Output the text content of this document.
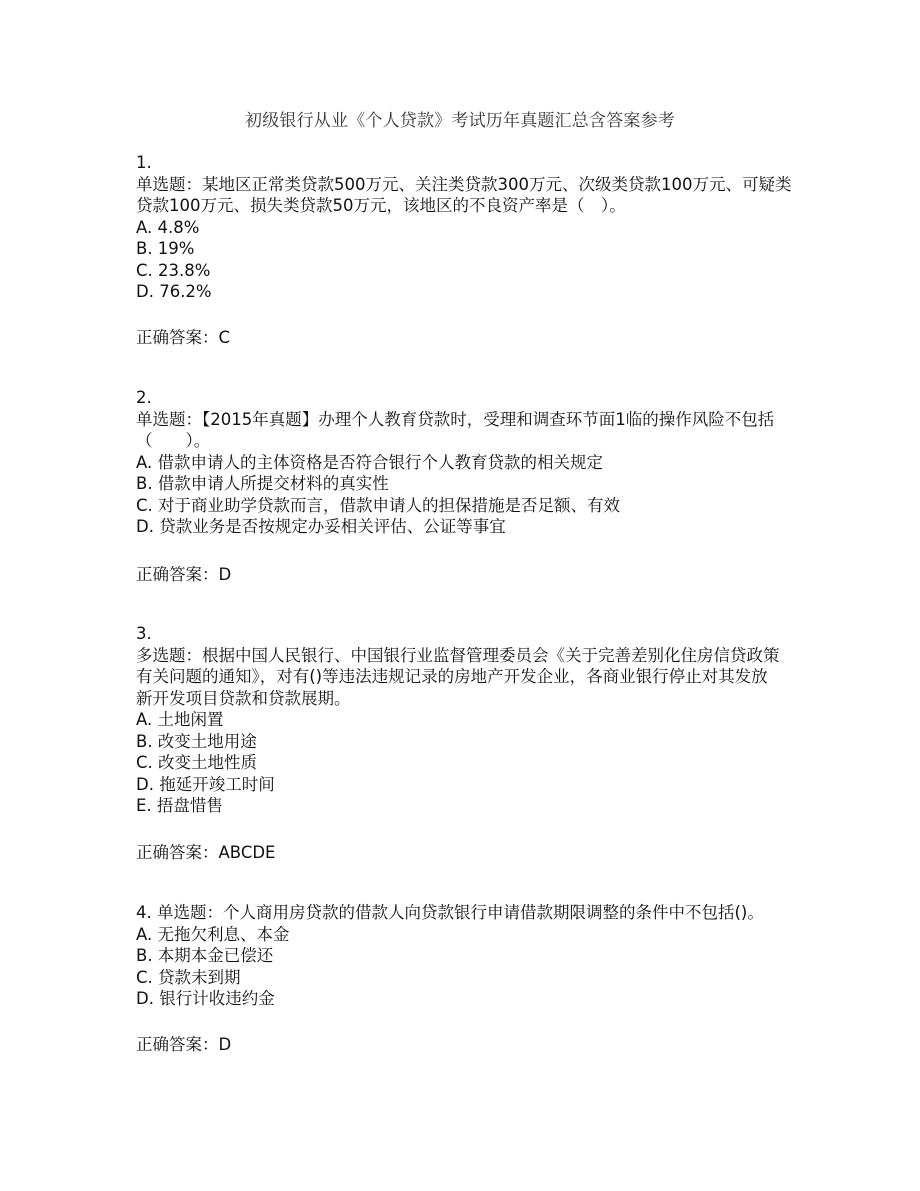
初级银行从业《个人贷款》考试历年真题汇总含答案参考
1.
单选题：某地区正常类贷款500万元、关注类贷款300万元、次级类贷款100万元、可疑类
贷款100万元、损失类贷款50万元，该地区的不良资产率是（　）。
A. 4.8%
B. 19%
C. 23.8%
D. 76.2%
正确答案：C
2.
单选题：【2015年真题】办理个人教育贷款时，受理和调查环节面1临的操作风险不包括
（　　）。
A. 借款申请人的主体资格是否符合银行个人教育贷款的相关规定
B. 借款申请人所提交材料的真实性
C. 对于商业助学贷款而言，借款申请人的担保措施是否足额、有效
D. 贷款业务是否按规定办妥相关评估、公证等事宜
正确答案：D
3.
多选题：根据中国人民银行、中国银行业监督管理委员会《关于完善差别化住房信贷政策
有关问题的通知》，对有()等违法违规记录的房地产开发企业，各商业银行停止对其发放
新开发项目贷款和贷款展期。
A. 土地闲置
B. 改变土地用途
C. 改变土地性质
D. 拖延开竣工时间
E. 捂盘惜售
正确答案：ABCDE
4. 单选题：个人商用房贷款的借款人向贷款银行申请借款期限调整的条件中不包括()。
A. 无拖欠利息、本金
B. 本期本金已偿还
C. 贷款未到期
D. 银行计收违约金
正确答案：D
